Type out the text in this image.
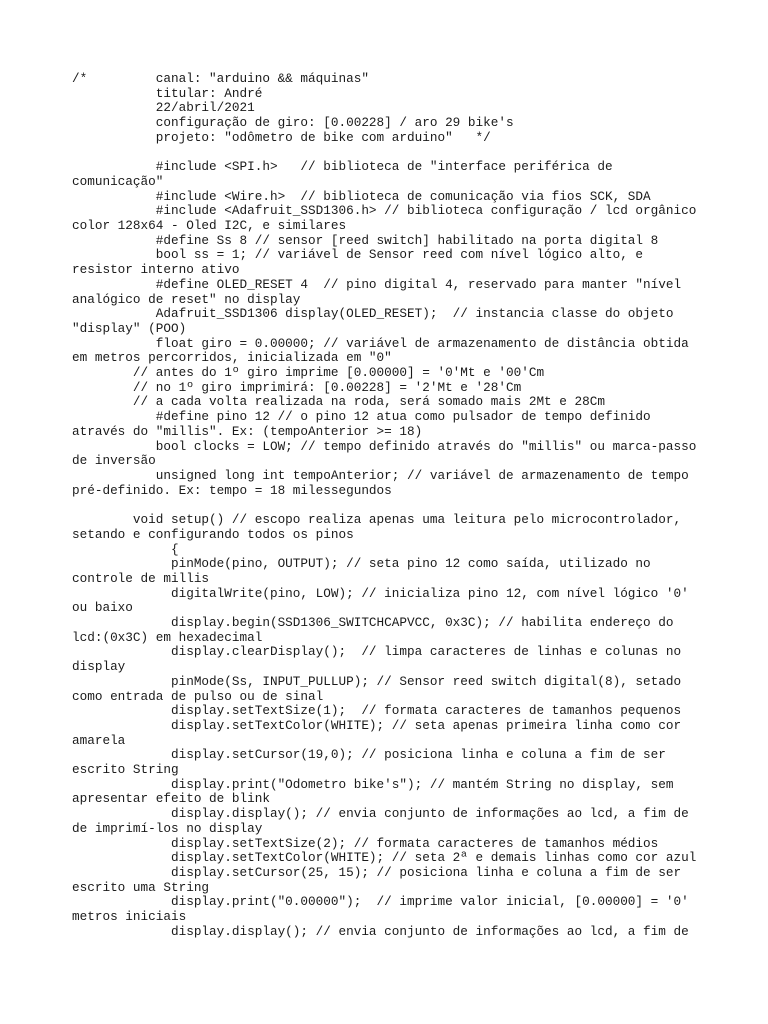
/*         canal: "arduino && máquinas"
titular: André
22/abril/2021
configuração de giro: [0.00228] / aro 29 bike's
projeto: "odômetro de bike com arduino"   */

#include <SPI.h>   // biblioteca de "interface periférica de
comunicação"
#include <Wire.h>  // biblioteca de comunicação via fios SCK, SDA
#include <Adafruit_SSD1306.h> // biblioteca configuração / lcd orgânico
color 128x64 - Oled I2C, e similares
#define Ss 8 // sensor [reed switch] habilitado na porta digital 8
bool ss = 1; // variável de Sensor reed com nível lógico alto, e
resistor interno ativo
#define OLED_RESET 4  // pino digital 4, reservado para manter "nível
analógico de reset" no display
Adafruit_SSD1306 display(OLED_RESET);  // instancia classe do objeto
"display" (POO)
float giro = 0.00000; // variável de armazenamento de distância obtida
em metros percorridos, inicializada em "0"
// antes do 1º giro imprime [0.00000] = '0'Mt e '00'Cm
// no 1º giro imprimirá: [0.00228] = '2'Mt e '28'Cm
// a cada volta realizada na roda, será somado mais 2Mt e 28Cm
#define pino 12 // o pino 12 atua como pulsador de tempo definido
através do "millis". Ex: (tempoAnterior >= 18)
bool clocks = LOW; // tempo definido através do "millis" ou marca-passo
de inversão
unsigned long int tempoAnterior; // variável de armazenamento de tempo
pré-definido. Ex: tempo = 18 milessegundos

void setup() // escopo realiza apenas uma leitura pelo microcontrolador,
setando e configurando todos os pinos
{
pinMode(pino, OUTPUT); // seta pino 12 como saída, utilizado no
controle de millis
digitalWrite(pino, LOW); // inicializa pino 12, com nível lógico '0'
ou baixo
display.begin(SSD1306_SWITCHCAPVCC, 0x3C); // habilita endereço do
lcd:(0x3C) em hexadecimal
display.clearDisplay();  // limpa caracteres de linhas e colunas no
display
pinMode(Ss, INPUT_PULLUP); // Sensor reed switch digital(8), setado
como entrada de pulso ou de sinal
display.setTextSize(1);  // formata caracteres de tamanhos pequenos
display.setTextColor(WHITE); // seta apenas primeira linha como cor
amarela
display.setCursor(19,0); // posiciona linha e coluna a fim de ser
escrito String
display.print("Odometro bike's"); // mantém String no display, sem
apresentar efeito de blink
display.display(); // envia conjunto de informações ao lcd, a fim de
de imprimí-los no display
display.setTextSize(2); // formata caracteres de tamanhos médios
display.setTextColor(WHITE); // seta 2ª e demais linhas como cor azul
display.setCursor(25, 15); // posiciona linha e coluna a fim de ser
escrito uma String
display.print("0.00000");  // imprime valor inicial, [0.00000] = '0'
metros iniciais
display.display(); // envia conjunto de informações ao lcd, a fim de
